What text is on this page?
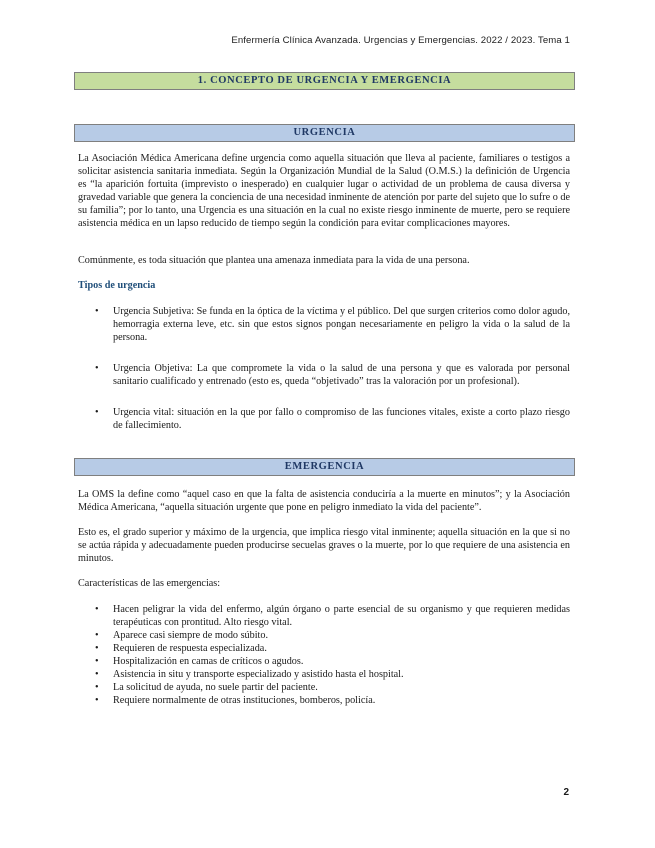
Enfermería Clínica Avanzada. Urgencias y Emergencias. 2022 / 2023. Tema 1
1. CONCEPTO DE URGENCIA Y EMERGENCIA
URGENCIA
La Asociación Médica Americana define urgencia como aquella situación que lleva al paciente, familiares o testigos a solicitar asistencia sanitaria inmediata. Según la Organización Mundial de la Salud (O.M.S.) la definición de Urgencia es “la aparición fortuita (imprevisto o inesperado) en cualquier lugar o actividad de un problema de causa diversa y gravedad variable que genera la conciencia de una necesidad inminente de atención por parte del sujeto que lo sufre o de su familia”; por lo tanto, una Urgencia es una situación en la cual no existe riesgo inminente de muerte, pero se requiere asistencia médica en un lapso reducido de tiempo según la condición para evitar complicaciones mayores.
Comúnmente, es toda situación que plantea una amenaza inmediata para la vida de una persona.
Tipos de urgencia
• Urgencia Subjetiva: Se funda en la óptica de la víctima y el público. Del que surgen criterios como dolor agudo, hemorragia externa leve, etc. sin que estos signos pongan necesariamente en peligro la vida o la salud de la persona.
• Urgencia Objetiva: La que compromete la vida o la salud de una persona y que es valorada por personal sanitario cualificado y entrenado (esto es, queda “objetivado” tras la valoración por un profesional).
• Urgencia vital: situación en la que por fallo o compromiso de las funciones vitales, existe a corto plazo riesgo de fallecimiento.
EMERGENCIA
La OMS la define como “aquel caso en que la falta de asistencia conduciría a la muerte en minutos”; y la Asociación Médica Americana, “aquella situación urgente que pone en peligro inmediato la vida del paciente”.
Esto es, el grado superior y máximo de la urgencia, que implica riesgo vital inminente; aquella situación en la que si no se actúa rápida y adecuadamente pueden producirse secuelas graves o la muerte, por lo que requiere de una asistencia en minutos.
Características de las emergencias:
• Hacen peligrar la vida del enfermo, algún órgano o parte esencial de su organismo y que requieren medidas terapéuticas con prontitud. Alto riesgo vital.
• Aparece casi siempre de modo súbito.
• Requieren de respuesta especializada.
• Hospitalización en camas de críticos o agudos.
• Asistencia in situ y transporte especializado y asistido hasta el hospital.
• La solicitud de ayuda, no suele partir del paciente.
• Requiere normalmente de otras instituciones, bomberos, policía.
2
